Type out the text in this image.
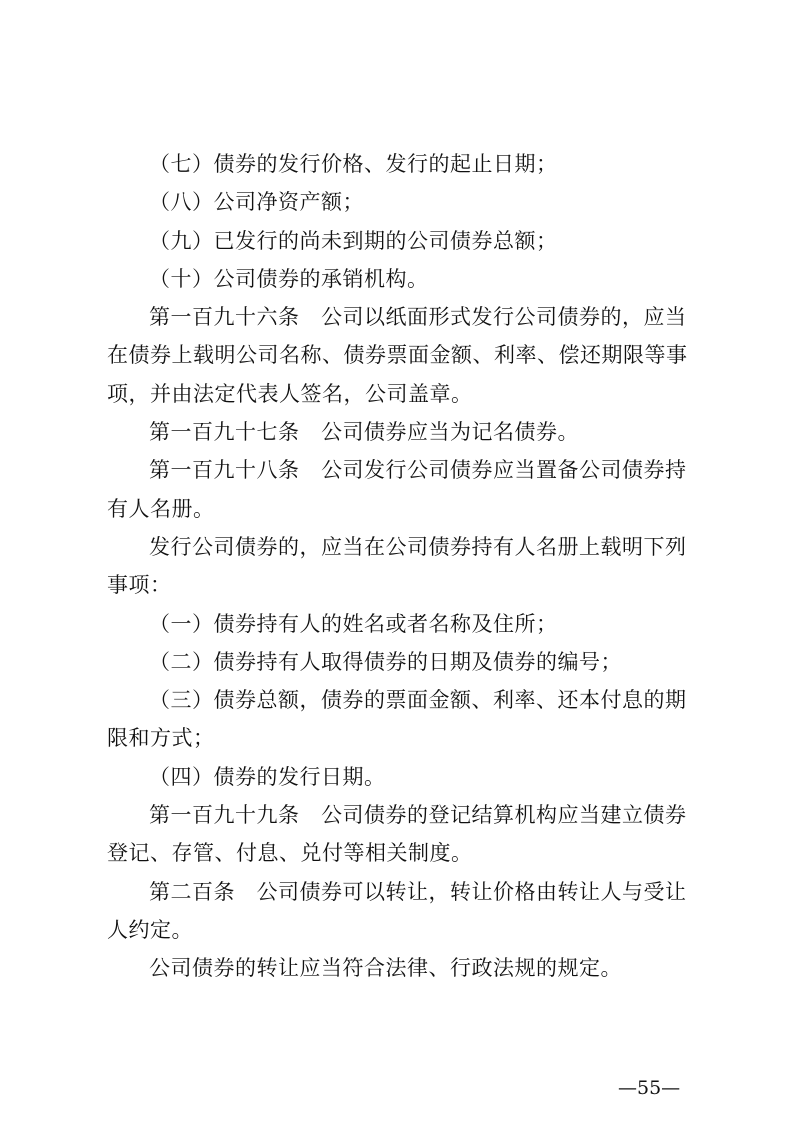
（七）债券的发行价格、发行的起止日期；

（八）公司净资产额；

（九）已发行的尚未到期的公司债券总额；

（十）公司债券的承销机构。

第一百九十六条　公司以纸面形式发行公司债券的，应当在债券上载明公司名称、债券票面金额、利率、偿还期限等事项，并由法定代表人签名，公司盖章。

第一百九十七条　公司债券应当为记名债券。

第一百九十八条　公司发行公司债券应当置备公司债券持有人名册。

发行公司债券的，应当在公司债券持有人名册上载明下列事项：

（一）债券持有人的姓名或者名称及住所；

（二）债券持有人取得债券的日期及债券的编号；

（三）债券总额，债券的票面金额、利率、还本付息的期限和方式；

（四）债券的发行日期。

第一百九十九条　公司债券的登记结算机构应当建立债券登记、存管、付息、兑付等相关制度。

第二百条　公司债券可以转让，转让价格由转让人与受让人约定。

公司债券的转让应当符合法律、行政法规的规定。

—55—
